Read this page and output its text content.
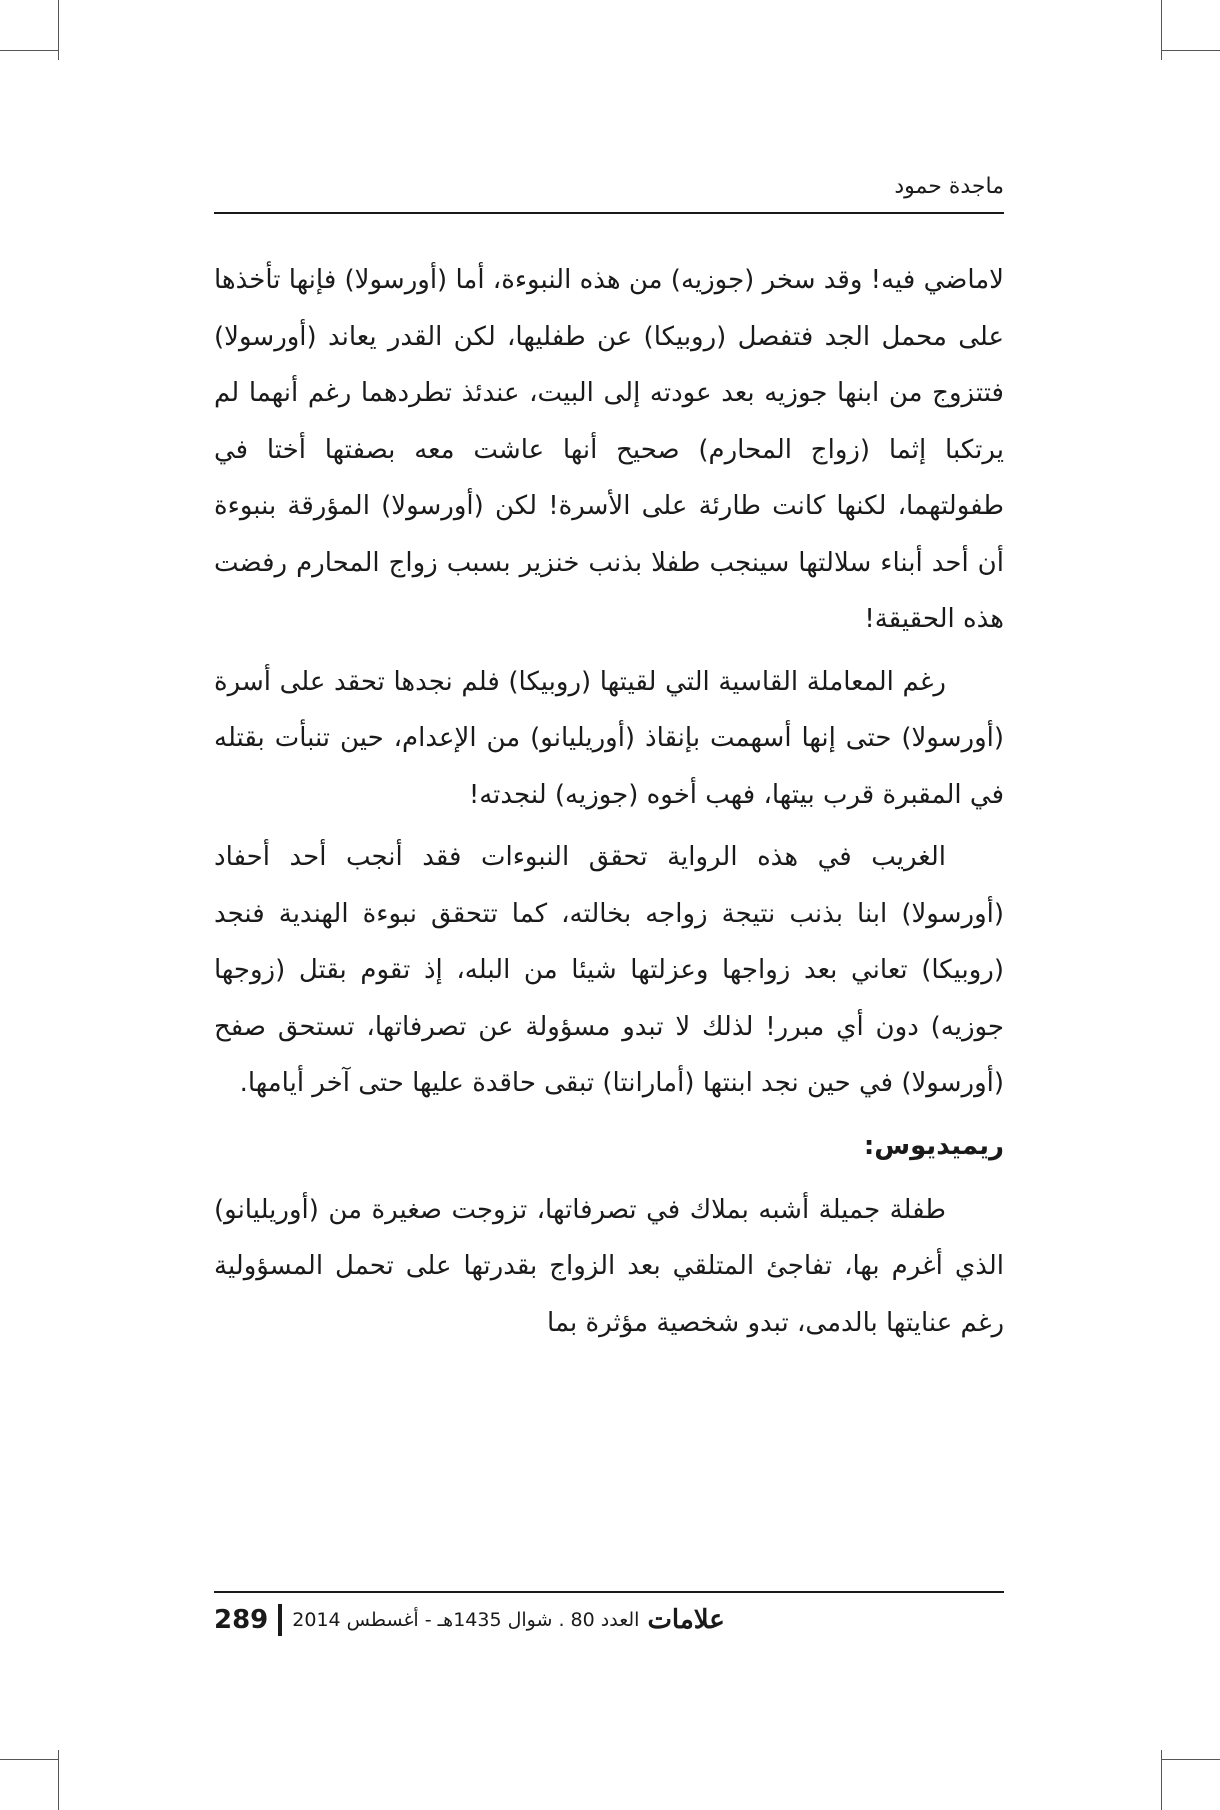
ماجدة حمود

لاماضي فيه! وقد سخر (جوزيه) من هذه النبوءة، أما (أورسولا) فإنها تأخذها على محمل الجد فتفصل (روبيكا) عن طفليها، لكن القدر يعاند (أورسولا) فتتزوج من ابنها جوزيه بعد عودته إلى البيت، عندئذ تطردهما رغم أنهما لم يرتكبا إثما (زواج المحارم) صحيح أنها عاشت معه بصفتها أختا في طفولتهما، لكنها كانت طارئة على الأسرة! لكن (أورسولا) المؤرقة بنبوءة أن أحد أبناء سلالتها سينجب طفلا بذنب خنزير بسبب زواج المحارم رفضت هذه الحقيقة!

رغم المعاملة القاسية التي لقيتها (روبيكا) فلم نجدها تحقد على أسرة (أورسولا) حتى إنها أسهمت بإنقاذ (أوريليانو) من الإعدام، حين تنبأت بقتله في المقبرة قرب بيتها، فهب أخوه (جوزيه) لنجدته!

الغريب في هذه الرواية تحقق النبوءات فقد أنجب أحد أحفاد (أورسولا) ابنا بذنب نتيجة زواجه بخالته، كما تتحقق نبوءة الهندية فنجد (روبيكا) تعاني بعد زواجها وعزلتها شيئا من البله، إذ تقوم بقتل (زوجها جوزيه) دون أي مبرر! لذلك لا تبدو مسؤولة عن تصرفاتها، تستحق صفح (أورسولا) في حين نجد ابنتها (أمارانتا) تبقى حاقدة عليها حتى آخر أيامها.

ريميديوس:

طفلة جميلة أشبه بملاك في تصرفاتها، تزوجت صغيرة من (أوريليانو) الذي أغرم بها، تفاجئ المتلقي بعد الزواج بقدرتها على تحمل المسؤولية رغم عنايتها بالدمى، تبدو شخصية مؤثرة بما

289 العدد 80 . شوال 1435هـ - أغسطس 2014 علامات
